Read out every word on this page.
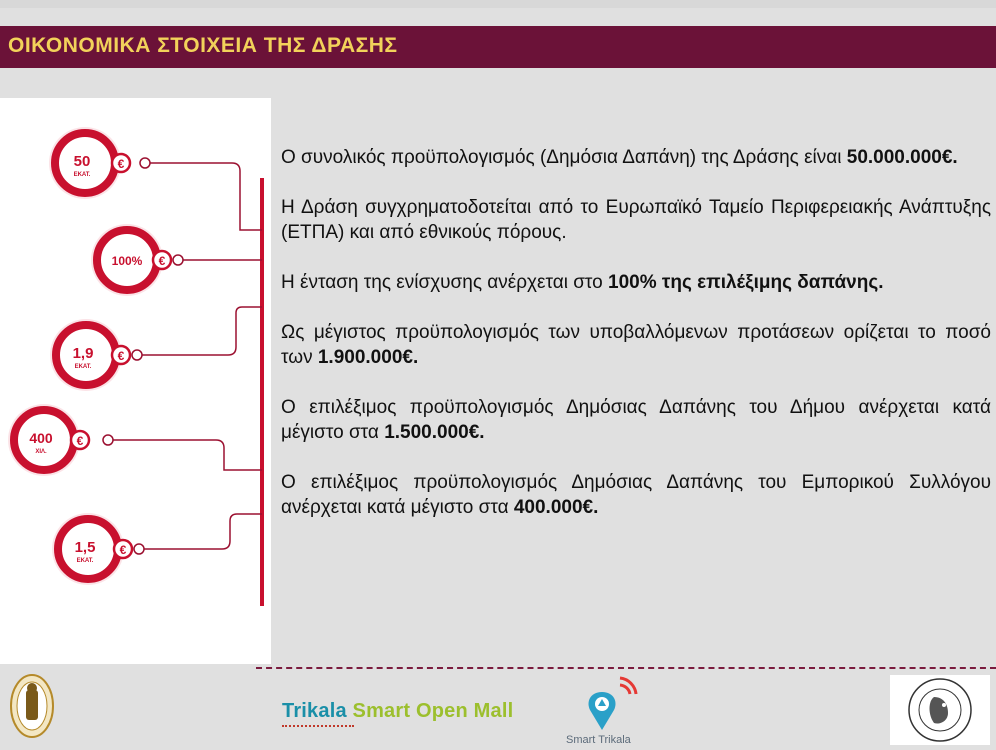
ΟΙΚΟΝΟΜΙΚΑ ΣΤΟΙΧΕΙΑ ΤΗΣ ΔΡΑΣΗΣ
€
50
ΕΚΑΤ.
€
100%
€
1,9
ΕΚΑΤ.
€
400
ΧΙΛ.
€
1,5
ΕΚΑΤ.

Ο συνολικός προϋπολογισμός (Δημόσια Δαπάνη) της Δράσης είναι 50.000.000€.

Η Δράση συγχρηματοδοτείται από το Ευρωπαϊκό Ταμείο Περιφερειακής Ανάπτυξης (ΕΤΠΑ) και από εθνικούς πόρους.

Η ένταση της ενίσχυσης ανέρχεται στο 100% της επιλέξιμης δαπάνης.

Ως μέγιστος προϋπολογισμός των υποβαλλόμενων προτάσεων ορίζεται το ποσό των 1.900.000€.

Ο επιλέξιμος προϋπολογισμός Δημόσιας Δαπάνης του Δήμου ανέρχεται κατά μέγιστο στα 1.500.000€.

Ο επιλέξιμος προϋπολογισμός Δημόσιας Δαπάνης του Εμπορικού Συλλόγου ανέρχεται κατά μέγιστο στα 400.000€.

Trikala Smart Open Mall
Smart Trikala
